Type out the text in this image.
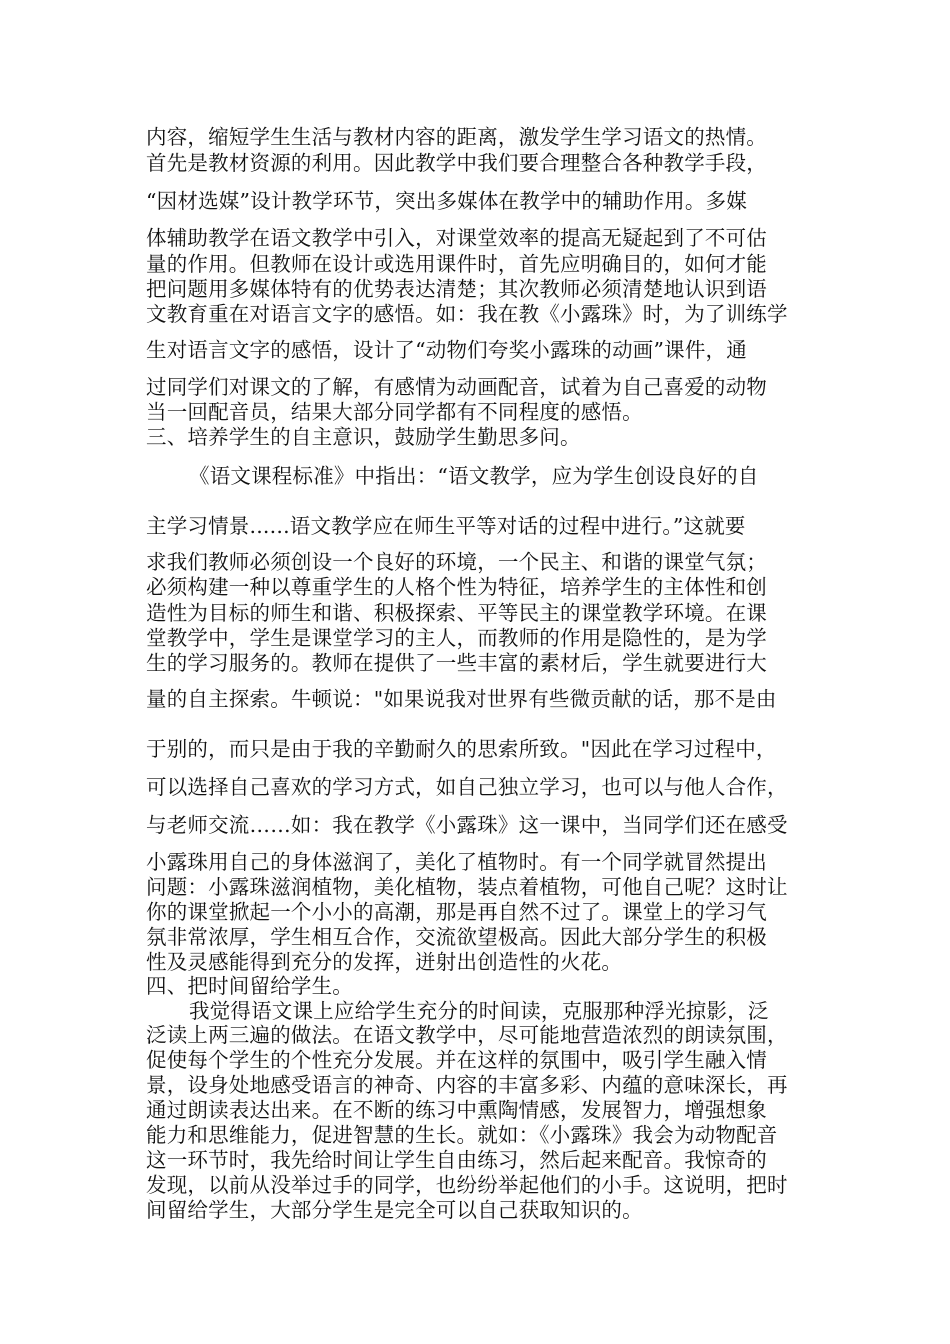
内容，缩短学生生活与教材内容的距离，激发学生学习语文的热情。
首先是教材资源的利用。因此教学中我们要合理整合各种教学手段，
“因材选媒”设计教学环节，突出多媒体在教学中的辅助作用。多媒
体辅助教学在语文教学中引入，对课堂效率的提高无疑起到了不可估
量的作用。但教师在设计或选用课件时，首先应明确目的，如何才能
把问题用多媒体特有的优势表达清楚；其次教师必须清楚地认识到语
文教育重在对语言文字的感悟。如：我在教《小露珠》时，为了训练学
生对语言文字的感悟，设计了“动物们夸奖小露珠的动画”课件，通
过同学们对课文的了解，有感情为动画配音，试着为自己喜爱的动物
当一回配音员，结果大部分同学都有不同程度的感悟。
三、培养学生的自主意识，鼓励学生勤思多问。
《语文课程标准》中指出：“语文教学，应为学生创设良好的自
主学习情景......语文教学应在师生平等对话的过程中进行。”这就要
求我们教师必须创设一个良好的环境，一个民主、和谐的课堂气氛；
必须构建一种以尊重学生的人格个性为特征，培养学生的主体性和创
造性为目标的师生和谐、积极探索、平等民主的课堂教学环境。在课
堂教学中，学生是课堂学习的主人，而教师的作用是隐性的，是为学
生的学习服务的。教师在提供了一些丰富的素材后，学生就要进行大
量的自主探索。牛顿说："如果说我对世界有些微贡献的话，那不是由
于别的，而只是由于我的辛勤耐久的思索所致。"因此在学习过程中，
可以选择自己喜欢的学习方式，如自己独立学习，也可以与他人合作，
与老师交流……如：我在教学《小露珠》这一课中，当同学们还在感受
小露珠用自己的身体滋润了，美化了植物时。有一个同学就冒然提出
问题：小露珠滋润植物，美化植物，装点着植物，可他自己呢？这时让
你的课堂掀起一个小小的高潮，那是再自然不过了。课堂上的学习气
氛非常浓厚，学生相互合作，交流欲望极高。因此大部分学生的积极
性及灵感能得到充分的发挥，迸射出创造性的火花。
四、把时间留给学生。
我觉得语文课上应给学生充分的时间读，克服那种浮光掠影，泛
泛读上两三遍的做法。在语文教学中，尽可能地营造浓烈的朗读氛围，
促使每个学生的个性充分发展。并在这样的氛围中，吸引学生融入情
景，设身处地感受语言的神奇、内容的丰富多彩、内蕴的意味深长，再
通过朗读表达出来。在不断的练习中熏陶情感，发展智力，增强想象
能力和思维能力，促进智慧的生长。就如：《小露珠》我会为动物配音
这一环节时，我先给时间让学生自由练习，然后起来配音。我惊奇的
发现，以前从没举过手的同学，也纷纷举起他们的小手。这说明，把时
间留给学生，大部分学生是完全可以自己获取知识的。
